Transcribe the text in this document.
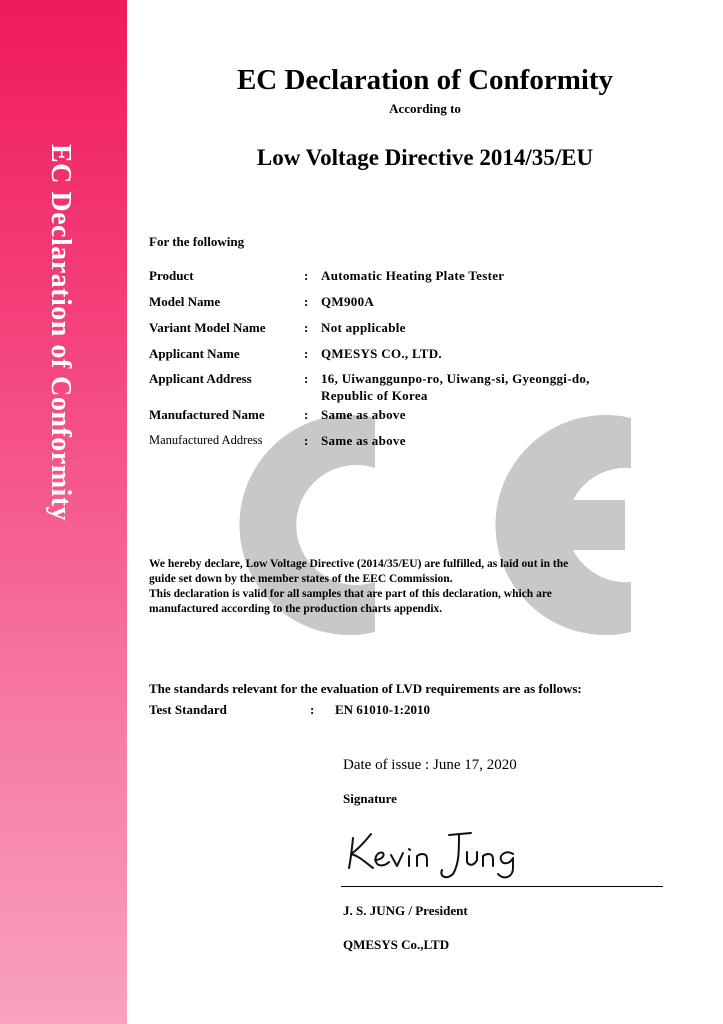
EC Declaration of Conformity
EC Declaration of Conformity
According to
Low Voltage Directive 2014/35/EU
For the following
Product	: Automatic Heating Plate Tester
Model Name	: QM900A
Variant Model Name	: Not applicable
Applicant Name	: QMESYS CO., LTD.
Applicant Address	: 16, Uiwanggunpo-ro, Uiwang-si, Gyeonggi-do,
Republic of Korea
Manufactured Name	: Same as above
Manufactured Address	: Same as above
We hereby declare, Low Voltage Directive (2014/35/EU) are fulfilled, as laid out in the
guide set down by the member states of the EEC Commission.
This declaration is valid for all samples that are part of this declaration, which are
manufactured according to the production charts appendix.
The standards relevant for the evaluation of LVD requirements are as follows:
Test Standard	: EN 61010-1:2010
Date of issue : June 17, 2020
Signature
J. S. JUNG / President
QMESYS Co.,LTD
